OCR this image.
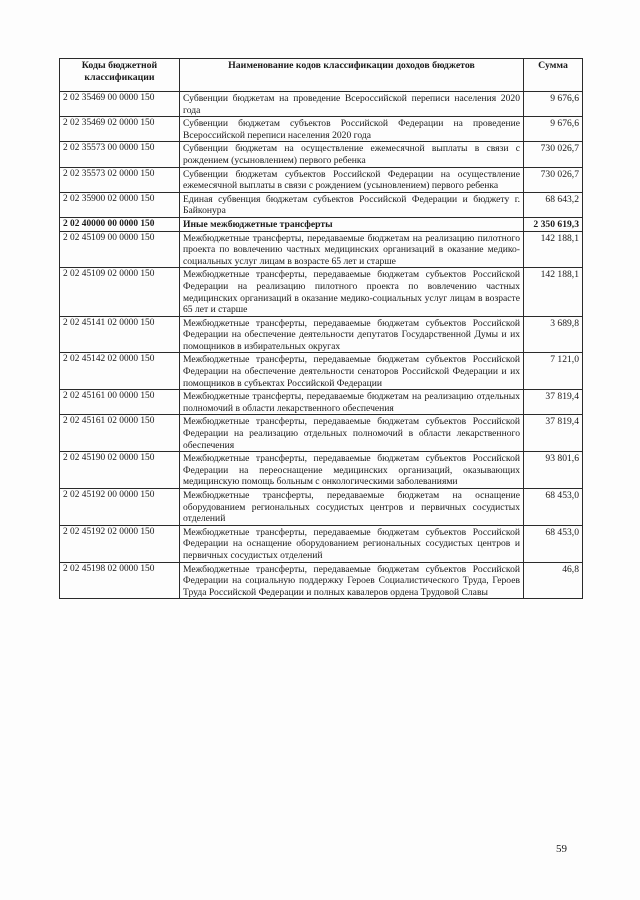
Коды бюджетной классификации	Наименование кодов классификации доходов бюджетов	Сумма
2 02 35469 00 0000 150	Субвенции бюджетам на проведение Всероссийской переписи населения 2020 года	9 676,6
2 02 35469 02 0000 150	Субвенции бюджетам субъектов Российской Федерации на проведение Всероссийской переписи населения 2020 года	9 676,6
2 02 35573 00 0000 150	Субвенции бюджетам на осуществление ежемесячной выплаты в связи с рождением (усыновлением) первого ребенка	730 026,7
2 02 35573 02 0000 150	Субвенции бюджетам субъектов Российской Федерации на осуществление ежемесячной выплаты в связи с рождением (усыновлением) первого ребенка	730 026,7
2 02 35900 02 0000 150	Единая субвенция бюджетам субъектов Российской Федерации и бюджету г. Байконура	68 643,2
2 02 40000 00 0000 150	Иные межбюджетные трансферты	2 350 619,3
2 02 45109 00 0000 150	Межбюджетные трансферты, передаваемые бюджетам на реализацию пилотного проекта по вовлечению частных медицинских организаций в оказание медико-социальных услуг лицам в возрасте 65 лет и старше	142 188,1
2 02 45109 02 0000 150	Межбюджетные трансферты, передаваемые бюджетам субъектов Российской Федерации на реализацию пилотного проекта по вовлечению частных медицинских организаций в оказание медико-социальных услуг лицам в возрасте 65 лет и старше	142 188,1
2 02 45141 02 0000 150	Межбюджетные трансферты, передаваемые бюджетам субъектов Российской Федерации на обеспечение деятельности депутатов Государственной Думы и их помощников в избирательных округах	3 689,8
2 02 45142 02 0000 150	Межбюджетные трансферты, передаваемые бюджетам субъектов Российской Федерации на обеспечение деятельности сенаторов Российской Федерации и их помощников в субъектах Российской Федерации	7 121,0
2 02 45161 00 0000 150	Межбюджетные трансферты, передаваемые бюджетам на реализацию отдельных полномочий в области лекарственного обеспечения	37 819,4
2 02 45161 02 0000 150	Межбюджетные трансферты, передаваемые бюджетам субъектов Российской Федерации на реализацию отдельных полномочий в области лекарственного обеспечения	37 819,4
2 02 45190 02 0000 150	Межбюджетные трансферты, передаваемые бюджетам субъектов Российской Федерации на переоснащение медицинских организаций, оказывающих медицинскую помощь больным с онкологическими заболеваниями	93 801,6
2 02 45192 00 0000 150	Межбюджетные трансферты, передаваемые бюджетам на оснащение оборудованием региональных сосудистых центров и первичных сосудистых отделений	68 453,0
2 02 45192 02 0000 150	Межбюджетные трансферты, передаваемые бюджетам субъектов Российской Федерации на оснащение оборудованием региональных сосудистых центров и первичных сосудистых отделений	68 453,0
2 02 45198 02 0000 150	Межбюджетные трансферты, передаваемые бюджетам субъектов Российской Федерации на социальную поддержку Героев Социалистического Труда, Героев Труда Российской Федерации и полных кавалеров ордена Трудовой Славы	46,8
59
